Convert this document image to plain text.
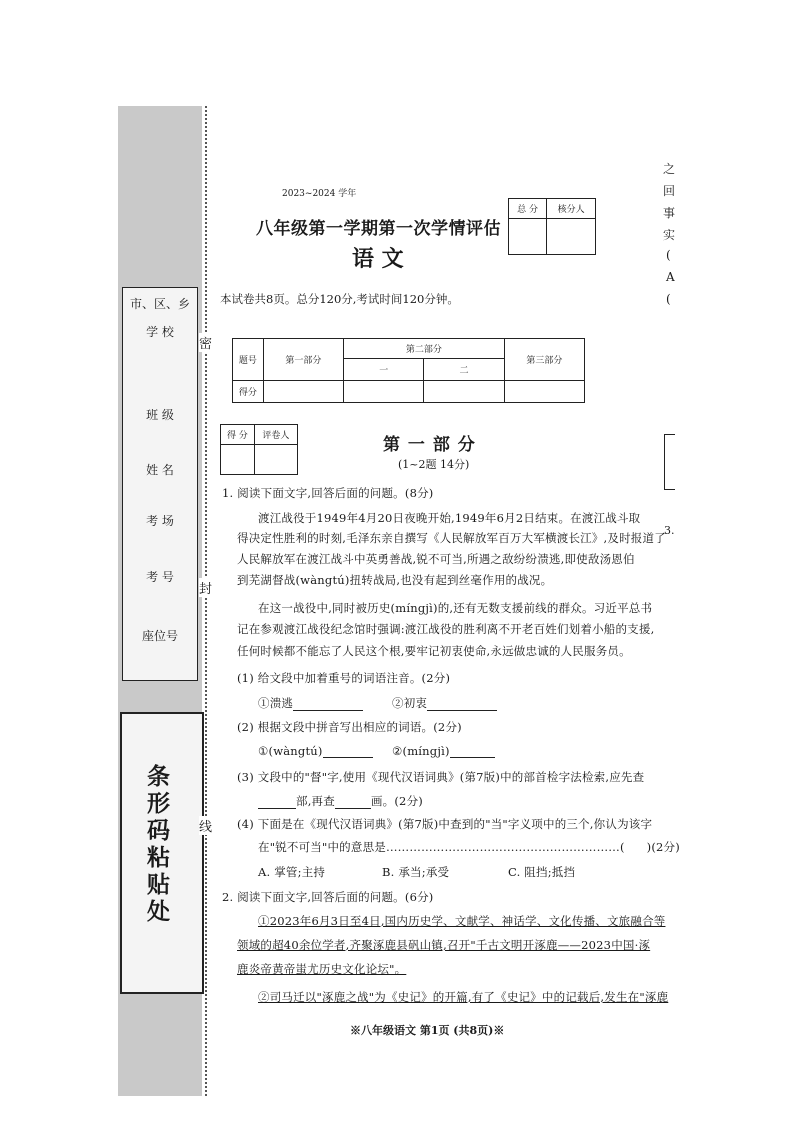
市、区、乡
学 校
班 级
姓 名
考 场
考 号
座位号
条形码粘贴处
密
封
线
2023~2024 学年
八年级第一学期第一次学情评估
语 文
本试卷共8页。总分120分,考试时间120分钟。
总 分	核分人

题号	第一部分	第二部分		第三部分
		一	二	
得分				
得 分	评卷人
		第 一 部 分
(1~2题 14分)
1. 阅读下面文字,回答后面的问题。(8分)
渡江战役于1949年4月20日夜晚开始,1949年6月2日结束。在渡江战斗取
得决定性胜利的时刻,毛泽东亲自撰写《人民解放军百万大军横渡长江》,及时报道了
人民解放军在渡江战斗中英勇善战,锐不可当,所遇之敌纷纷溃逃,即使敌汤恩伯
到芜湖督战(wàngtú)扭转战局,也没有起到丝毫作用的战况。
在这一战役中,同时被历史(míngjì)的,还有无数支援前线的群众。习近平总书
记在参观渡江战役纪念馆时强调:渡江战役的胜利离不开老百姓们划着小船的支援,
任何时候都不能忘了人民这个根,要牢记初衷使命,永远做忠诚的人民服务员。
(1) 给文段中加着重号的词语注音。(2分)
①溃逃	②初衷
(2) 根据文段中拼音写出相应的词语。(2分)
①(wàngtú)	②(míngjì)
(3) 文段中的"督"字,使用《现代汉语词典》(第7版)中的部首检字法检索,应先查
部,再查	画。(2分)
(4) 下面是在《现代汉语词典》(第7版)中查到的"当"字义项中的三个,你认为该字
在"锐不可当"中的意思是……………………………………………………( )(2分)
A. 掌管;主持	B. 承当;承受	C. 阻挡;抵挡
2. 阅读下面文字,回答后面的问题。(6分)
①2023年6月3日至4日,国内历史学、文献学、神话学、文化传播、文旅融合等
领域的超40余位学者,齐聚涿鹿县矾山镇,召开"千古文明开涿鹿——2023中国·涿
鹿炎帝黄帝蚩尤历史文化论坛"。
②司马迁以"涿鹿之战"为《史记》的开篇,有了《史记》中的记载后,发生在"涿鹿
※八年级语文 第1页 (共8页)※
之
回
事
实
(
A
(
3.
